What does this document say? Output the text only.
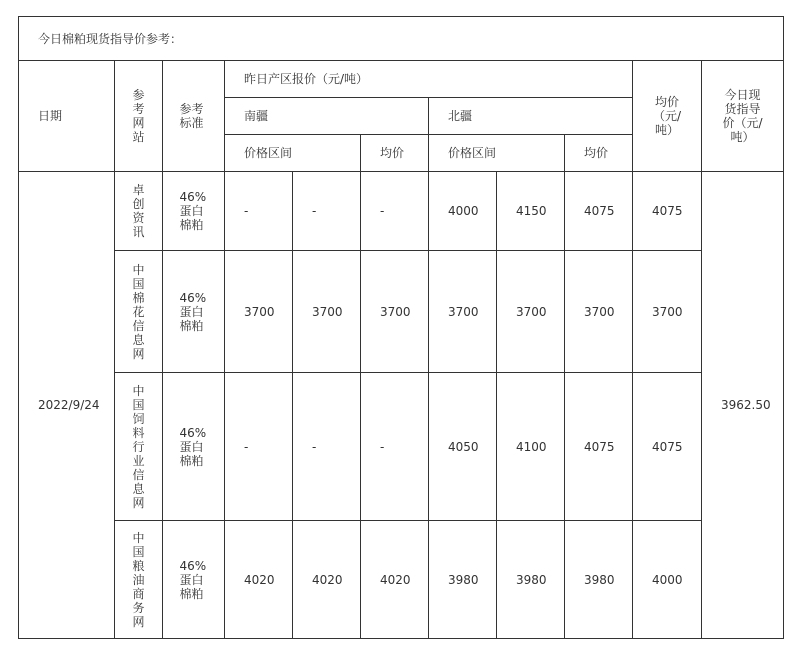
今日棉粕现货指导价参考：										
日期	参考网站	参考标准	昨日产区报价（元/吨）						均价（元/吨）	今日现货指导价（元/吨）
			南疆			北疆				
			价格区间		均价	价格区间		均价		
2022/9/24	卓创资讯	46%蛋白棉粕	-	-	-	4000	4150	4075	4075	3962.50
	中国棉花信息网	46%蛋白棉粕	3700	3700	3700	3700	3700	3700	3700	
	中国饲料行业信息网	46%蛋白棉粕	-	-	-	4050	4100	4075	4075	
	中国粮油商务网	46%蛋白棉粕	4020	4020	4020	3980	3980	3980	4000	
